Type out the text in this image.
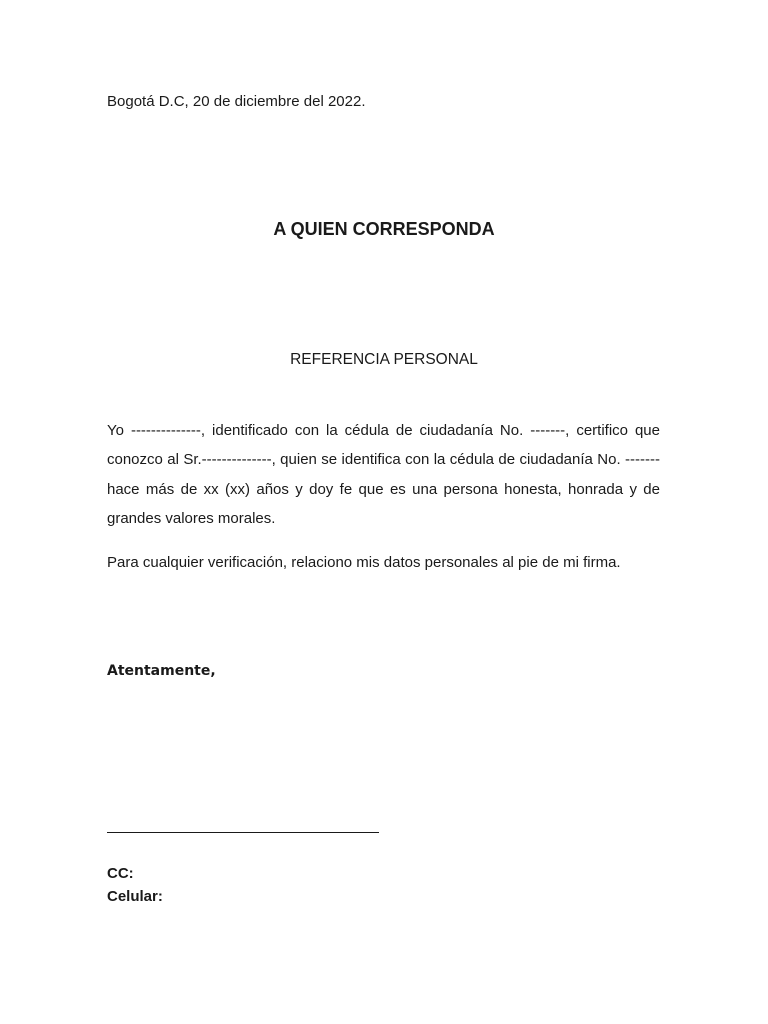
Bogotá D.C, 20 de diciembre del 2022.
A QUIEN CORRESPONDA
REFERENCIA PERSONAL

Yo --------------, identificado con la cédula de ciudadanía No. -------, certifico que conozco al Sr.--------------, quien se identifica con la cédula de ciudadanía No. ------- hace más de xx (xx) años y doy fe que es una persona honesta, honrada y de grandes valores morales.

Para cualquier verificación, relaciono mis datos personales al pie de mi firma.

Atentamente,
CC:
Celular:
